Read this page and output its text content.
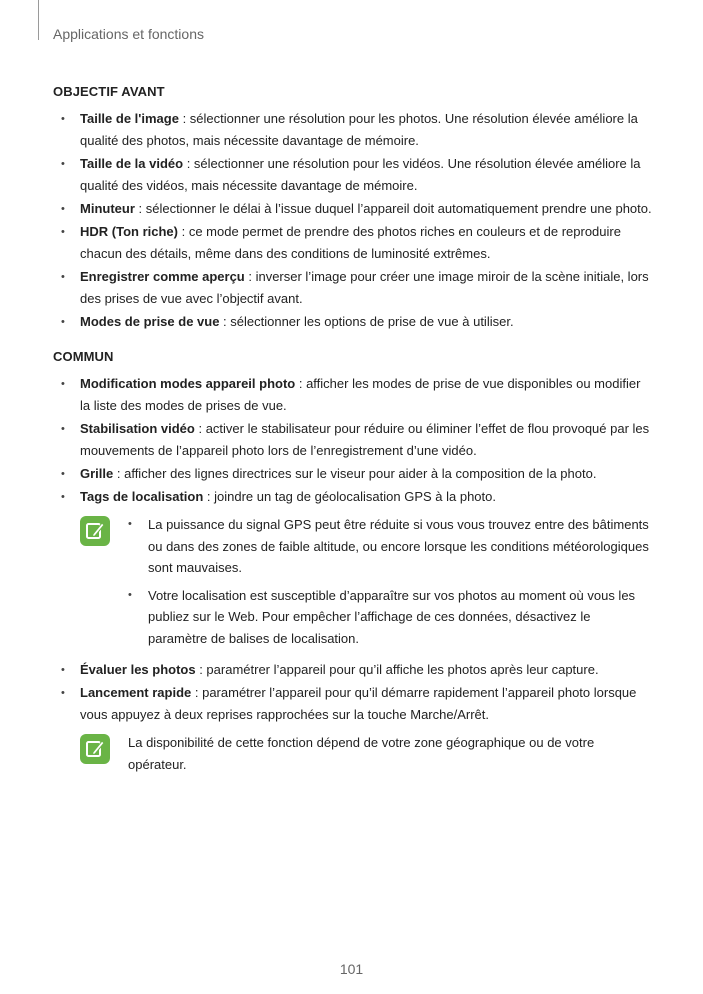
Applications et fonctions
OBJECTIF AVANT
• Taille de l'image : sélectionner une résolution pour les photos. Une résolution élevée améliore la qualité des photos, mais nécessite davantage de mémoire.
• Taille de la vidéo : sélectionner une résolution pour les vidéos. Une résolution élevée améliore la qualité des vidéos, mais nécessite davantage de mémoire.
• Minuteur : sélectionner le délai à l’issue duquel l’appareil doit automatiquement prendre une photo.
• HDR (Ton riche) : ce mode permet de prendre des photos riches en couleurs et de reproduire chacun des détails, même dans des conditions de luminosité extrêmes.
• Enregistrer comme aperçu : inverser l’image pour créer une image miroir de la scène initiale, lors des prises de vue avec l’objectif avant.
• Modes de prise de vue : sélectionner les options de prise de vue à utiliser.
COMMUN
• Modification modes appareil photo : afficher les modes de prise de vue disponibles ou modifier la liste des modes de prises de vue.
• Stabilisation vidéo : activer le stabilisateur pour réduire ou éliminer l’effet de flou provoqué par les mouvements de l’appareil photo lors de l’enregistrement d’une vidéo.
• Grille : afficher des lignes directrices sur le viseur pour aider à la composition de la photo.
• Tags de localisation : joindre un tag de géolocalisation GPS à la photo.
• La puissance du signal GPS peut être réduite si vous vous trouvez entre des bâtiments ou dans des zones de faible altitude, ou encore lorsque les conditions météorologiques sont mauvaises.
• Votre localisation est susceptible d’apparaître sur vos photos au moment où vous les publiez sur le Web. Pour empêcher l’affichage de ces données, désactivez le paramètre de balises de localisation.
• Évaluer les photos : paramétrer l’appareil pour qu’il affiche les photos après leur capture.
• Lancement rapide : paramétrer l’appareil pour qu’il démarre rapidement l’appareil photo lorsque vous appuyez à deux reprises rapprochées sur la touche Marche/Arrêt.
La disponibilité de cette fonction dépend de votre zone géographique ou de votre opérateur.
101
